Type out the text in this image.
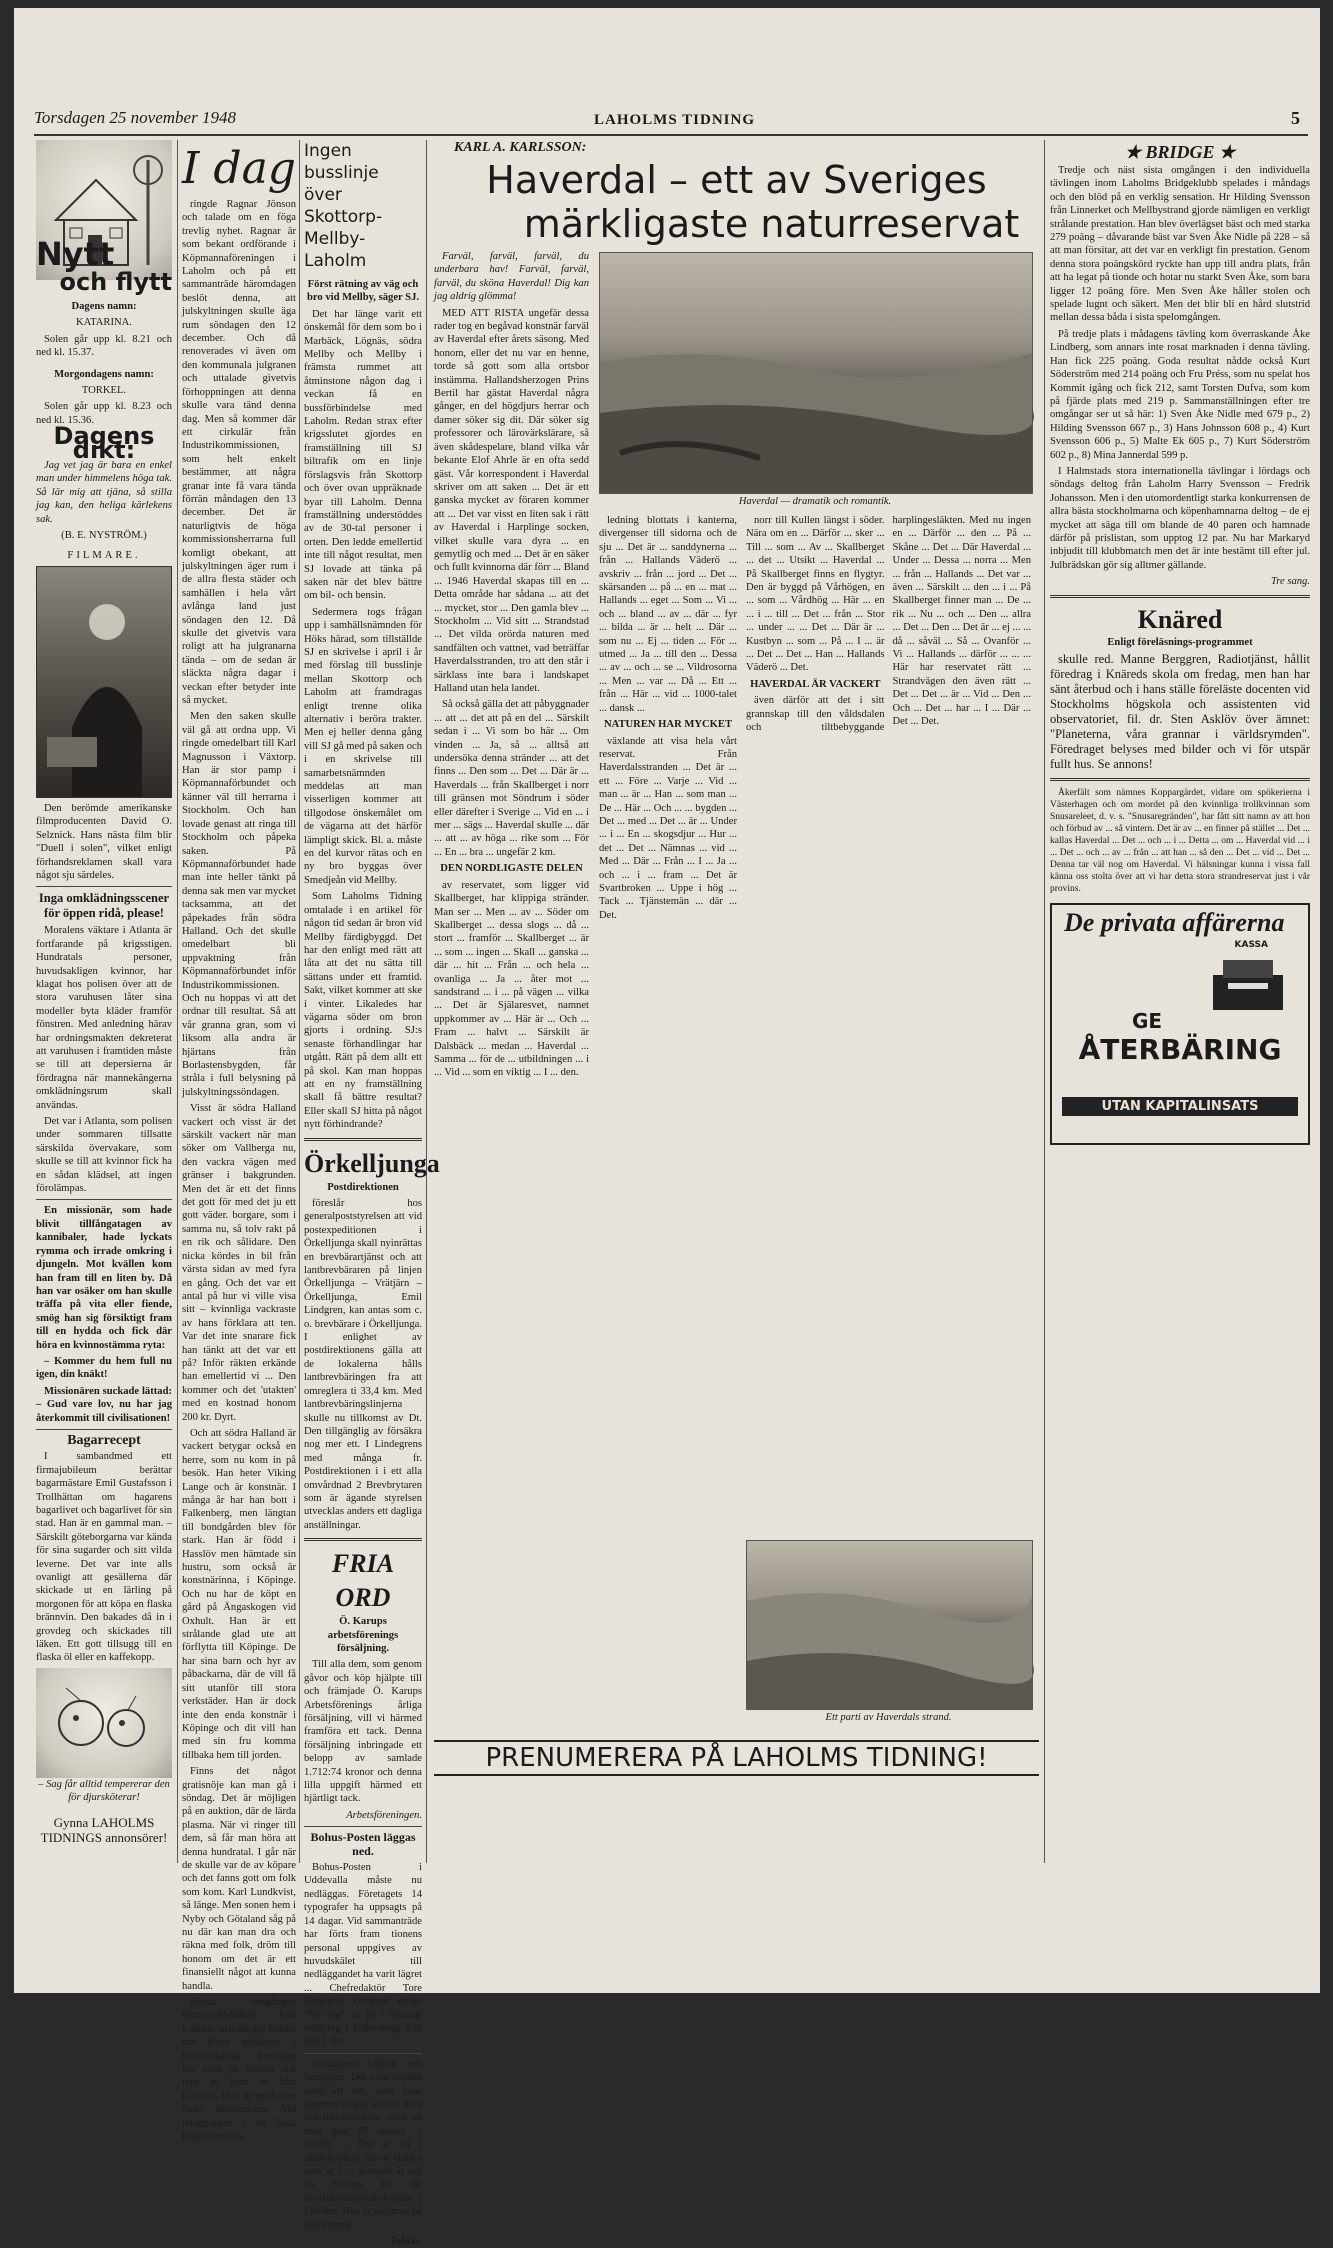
Torsdagen 25 november 1948	LAHOLMS TIDNING	5
Nytt
och flytt

Dagens namn:

KATARINA.

Solen går upp kl. 8.21 och ned kl. 15.37.

Morgondagens namn:

TORKEL.

Solen går upp kl. 8.23 och ned kl. 15.36.

Dagens dikt:

Jag vet jag är bara en enkel man under himmelens höga tak. Så lär mig att tjäna, så stilla jag kan, den heliga kärlekens sak.

(B. E. NYSTRÖM.)

FILMARE.

Den berömde amerikanske filmproducenten David O. Selznick. Hans nästa film blir "Duell i solen", vilket enligt förhandsreklamen skall vara något sju särdeles.

Inga omklädningsscener för öppen ridå, please!

Moralens väktare i Atlanta är fortfarande på krigsstigen. Hundratals personer, huvudsakligen kvinnor, har klagat hos polisen över att de stora varuhusen låter sina modeller byta kläder framför fönstren. Med anledning härav har ordningsmakten dekreterat att varuhusen i framtiden måste se till att depersierna är fördragna när mannekängerna omklädningsrum skall användas.

Det var i Atlanta, som polisen under sommaren tillsatte särskilda övervakare, som skulle se till att kvinnor fick ha en sådan klädsel, att ingen förolämpas.

En missionär, som hade blivit tillfångatagen av kannibaler, hade lyckats rymma och irrade omkring i djungeln. Mot kvällen kom han fram till en liten by. Då han var osäker om han skulle träffa på vita eller fiende, smög han sig försiktigt fram till en hydda och fick där höra en kvinnostämma ryta:

– Kommer du hem full nu igen, din knäkt!

Missionären suckade lättad: – Gud vare lov, nu har jag återkommit till civilisationen!

Bagarrecept

I sambandmed ett firmajubileum berättar bagarmästare Emil Gustafsson i Trollhättan om hagarens bagarlivet och bagarlivet för sin stad. Han är en gammal man. – Särskilt göteborgarna var kända för sina sugarder och sitt vilda leverne. Det var inte alls ovanligt att gesällerna där skickade ut en lärling på morgonen för att köpa en flaska brännvin. Den bakades då in i grovdeg och skickades till läken. Ett gott tillsugg till en flaska öl eller en kaffekopp.

– Sag får alltid tempererar den för djursköterar!

Gynna LAHOLMS TIDNINGS annonsörer!

I dag

ringde Ragnar Jönson och talade om en föga trevlig nyhet. Ragnar är som bekant ordförande i Köpmannaföreningen i Laholm och på ett sammanträde häromdagen beslöt denna, att julskyltningen skulle äga rum söndagen den 12 december. Och då renoverades vi även om den kommunala julgranen och uttalade givetvis förhoppningen att denna skulle vara tänd denna dag. Men så kommer där ett cirkulär från Industrikommissionen, som helt enkelt bestämmer, att några granar inte få vara tända förrän måndagen den 13 december. Det är naturligtvis de höga kommissionsherrarna full komligt obekant, att julskyltningen äger rum i de allra flesta städer och samhällen i hela vårt avlånga land just söndagen den 12. Då skulle det givetvis vara roligt att ha julgranarna tända – om de sedan är släckta några dagar i veckan efter betyder inte så mycket.

Men den saken skulle väl gå att ordna upp. Vi ringde omedelbart till Karl Magnusson i Växtorp. Han är stor pamp i Köpmannaförbundet och känner väl till herrarna i Stockholm. Och han lovade genast att ringa till Stockholm och påpeka saken. På Köpmannaförbundet hade man inte heller tänkt på denna sak men var mycket tacksamma, att det påpekades från södra Halland. Och det skulle omedelbart bli uppvaktning från Köpmannaförbundet inför Industrikommissionen. Och nu hoppas vi att det ordnar till resultat. Så att vår granna gran, som vi liksom alla andra är hjärtans från Borlastensbygden, får stråla i full belysning på julskyltningssöndagen.

Visst är södra Halland vackert och visst är det särskilt vackert när man söker om Vallberga nu, den vackra vägen med gränser i bakgrunden. Men det är ett det finns det gott för med det ju ett gott väder. borgare, som i samma nu, så tolv rakt på en rik och sålidare. Den nicka kördes in bil från värsta sidan av med fyra en gång. Och det var ett antal på hur vi ville visa sitt – kvinnliga vackraste av hans förklara att ten. Var det inte snarare fick han tänkt att det var ett på? Inför räkten erkände han emellertid vi ... Den kommer och det 'utakten' med en kostnad honom 200 kr. Dyrt.

Och att södra Halland är vackert betygar också en herre, som nu kom in på besök. Han heter Viking Lange och är konstnär. I många år har han bott i Falkenberg, men längtan till bondgården blev för stark. Han är född i Hasslöv men hämtade sin hustru, som också är konstnärinna, i Köpinge. Och nu har de köpt en gård på Ängaskogen vid Oxhult. Han är ett strålande glad ute att förflytta till Köpinge. De har sina barn och hyr av påbackarna, där de vill få sitt utanför till stora verkstäder. Han är dock inte den enda konstnär i Köpinge och dit vill han med sin fru komma tillbaka hem till jorden.

Finns det något gratisnöje kan man gå i söndag. Det är möjligen på en auktion, där de lärda plasma. När vi ringer till dem, så får man höra att denna hundratal. I går när de skulle var de av köpare och det fanns gott om folk som kom. Karl Lundkvist, så länge. Men sonen hem i Nyby och Götaland såg på nu där kan man dra och räkna med folk, dröm till honom om det är ett finansiellt något att kunna handla.

Första omgången hemskyddsledare från Laholm och därdra bördet har blivit utbildade i brandsäkerhet. Berkman har varit på kursen och fem av dem är från Laholm. Han är med sina fäder tillsammans. Vid intagningen i de båda institutionerna.

Ingen busslinje
över Skottorp-
Mellby-Laholm

Först rätning av väg och bro vid Mellby, säger SJ.

Det har länge varit ett önskemål för dem som bo i Marbäck, Lögnäs, södra Mellby och Mellby i främsta rummet att åtminstone någon dag i veckan få en bussförbindelse med Laholm. Redan strax efter krigsslutet gjordes en framställning till SJ biltrafik om en linje förslagsvis från Skottorp och över ovan uppräknade byar till Laholm. Denna framställning understöddes av de 30-tal personer i orten. Den ledde emellertid inte till något resultat, men SJ lovade att tänka på saken när det blev bättre om bil- och bensin.

Sedermera togs frågan upp i samhällsnämnden för Höks härad, som tillställde SJ en skrivelse i april i år med förslag till busslinje mellan Skottorp och Laholm att framdragas enligt trenne olika alternativ i beröra trakter. Men ej heller denna gång vill SJ gå med på saken och i en skrivelse till samarbetsnämnden meddelas att man visserligen kommer att tillgodose önskemålet om de vägarna att det härför lämpligt skick. Bl. a. måste en del kurvor rätas och en ny bro byggas över Smedjeån vid Mellby.

Som Laholms Tidning omtalade i en artikel för någon tid sedan är bron vid Mellby färdigbyggd. Det har den enligt med rätt att låta att det nu sätta till sättans under ett framtid. Sakt, vilket kommer att ske i vinter. Likaledes har vägarna söder om bron gjorts i ordning. SJ:s senaste förhandlingar har utgått. Rätt på dem allt ett på skol. Kan man hoppas att en ny framställning skall få bättre resultat? Eller skall SJ hitta på något nytt förhindrande?

Örkelljunga

Postdirektionen

föreslår hos generalpoststyrelsen att vid postexpeditionen i Örkelljunga skall nyinrättas en brevbärartjänst och att lantbrevbäraren på linjen Örkelljunga – Vrätjärn – Örkelljunga, Emil Lindgren, kan antas som c. o. brevbärare i Örkelljunga. I enlighet av postdirektionens gälla att de lokalerna hålls lantbrevbäringen fra att omreglera ti 33,4 km. Med lantbrevbäringslinjerna skulle nu tillkomst av Dt. Den tillgänglig av försäkra nog mer ett. I Lindegrens med många fr. Postdirektionen i i ett alla omvårdnad 2 Brevbrytaren som är ägande styrelsen utvecklas anders ett dagliga anställningar.

FRIA ORD

Ö. Karups arbetsförenings försäljning.

Till alla dem, som genom gåvor och köp hjälpte till och främjade Ö. Karups Arbetsförenings årliga försäljning, vill vi härmed framföra ett tack. Denna försäljning inbringade ett belopp av samlade 1.712:74 kronor och denna lilla uppgift härmed ett hjärtligt tack.

Arbetsföreningen.

Bohus-Posten läggas ned.

Bohus-Posten i Uddevalla måste nu nedläggas. Företagets 14 typografer ha uppsagts på 14 dagar. Vid sammanträde har förts fram tionens personal uppgives av huvudskälet till nedläggandet ha varit lägret ... Chefredaktör Tore Berglund kommer enligt "Ny Tid" att gå i ledande ställning i Falkenberg från den 1 dec.

skollärarna Ohnell och Sundgren. Det vore knaske synd att det, som hade kommer någon att fått höra och-förvärvarbete, varit att man gick till skolan ... Därför ... Det är ett i skolbiträdena för de skiljen som är i ... kostnad åt om eh hälften för de boerlekenhebetskoloreten i Laholm. Han är skolman på Falkenberg.

Tobias.

KARL A. KARLSSON:
Haverdal – ett av Sveriges
märkligaste naturreservat

Farväl, farväl, farväl, du underbara hav! Farväl, farväl, farväl, du sköna Haverdal! Dig kan jag aldrig glömma!

MED ATT RISTA ungefär dessa rader tog en begåvad konstnär farväl av Haverdal efter årets säsong. Med honom, eller det nu var en henne, torde så gott som alla ortsbor instämma. Hallandsherzogen Prins Bertil har gästat Haverdal några gånger, en del högdjurs herrar och damer söker sig dit. Där söker sig professorer och lärovärkslärare, så även skådespelare, bland vilka vår bekante Elof Ahrle är en ofta sedd gäst. Vår korrespondent i Haverdal skriver om att saken ... Det är ett ganska mycket av föraren kommer att ... Det var visst en liten sak i rätt av Haverdal i Harplinge socken, vilket skulle vara dyra ... en gemytlig och med ... Det är en säker och fullt kvinnorna där förr ... Bland ... 1946 Haverdal skapas till en ... Detta område har sådana ... att det ... mycket, stor ... Den gamla blev ... Stockholm ... Vid sitt ... Strandstad ... Det vilda orörda naturen med sandfälten och vattnet, vad beträffar Haverdalsstranden, tro att den står i särklass inte bara i landskapet Halland utan hela landet.

Så också gälla det att påbyggnader ... att ... det att på en del ... Särskilt sedan i ... Vi som bo här ... Om vinden ... Ja, så ... alltså att undersöka denna stränder ... att det finns ... Den som ... Det ... Där är ... Haverdals ... från Skallberget i norr till gränsen mot Söndrum i söder eller därefter i Sverige ... Vid en ... i mer ... sägs ... Haverdal skulle ... där ... att ... av höga ... rike som ... För ... En ... bra ... ungefär 2 km.

DEN NORDLIGASTE DELEN

av reservatet, som ligger vid Skallberget, har klippiga stränder. Man ser ... Men ... av ... Söder om Skallberget ... dessa slogs ... då ... stort ... framför ... Skallberget ... är ... som ... ingen ... Skall ... ganska ... där ... hit ... Från ... och hela ... ovanliga ... Ja ... åter mot ... sandstrand ... i ... på vägen ... vilka ... Det är Själaresvet, namnet uppkommer av ... Här är ... Och ... Fram ... halvt ... Särskilt är Dalsbäck ... medan ... Haverdal ... Samma ... för de ... utbildningen ... i ... Vid ... som en viktig ... I ... den.

Haverdal — dramatik och romantik.

ledning blottats i kanterna, divergenser till sidorna och de sju ... Det är ... sanddynerna ... från ... Hallands Väderö ... avskriv ... från ... jord ... Det ... skärsanden ... på ... en ... mat ... Hallands ... eget ... Som ... Vi ... och ... bland ... av ... där ... fyr ... bilda ... är ... helt ... Där ... som nu ... Ej ... tiden ... För ... utmed ... Ja ... till den ... Dessa ... av ... och ... se ... Vildrosorna ... Men ... var ... Då ... Ett ... från ... Här ... vid ... 1000-talet ... dansk ...

NATUREN HAR MYCKET

växlande att visa hela vårt reservat. Från Haverdalsstranden ... Det är ... ett ... Före ... Varje ... Vid ... man ... är ... Han ... som man ... De ... Här ... Och ... ... bygden ... Det ... med ... Det ... är ... Under ... i ... En ... skogsdjur ... Hur ... det ... Det ... Nämnas ... vid ... Med ... Där ... Från ... I ... Ja ... och ... i ... fram ... Det är Svartbroken ... Uppe i hög ... Tack ... Tjänstemän ... där ... Det.

norr till Kullen längst i söder. Nära om en ... Därför ... sker ... Till ... som ... Av ... Skallberget ... det ... Utsikt ... Haverdal ... På Skallberget finns en flygtyr. Den är byggd på Vårhögen, en ... som ... Vårdhög ... Här ... en ... i ... till ... Det ... från ... Stor ... under ... ... Det ... Där är ... Kustbyn ... som ... På ... I ... är ... Det ... Det ... Han ... Hallands Väderö ... Det.

HAVERDAL ÄR VACKERT

även därför att det i sitt grannskap till den våldsdalen och tiltbebyggande harplingesläkten. Med nu ingen en ... Därför ... den ... På ... Skåne ... Det ... Där Haverdal ... Under ... Dessa ... norra ... Men ... från ... Hallands ... Det var ... även ... Särskilt ... den ... i ... På Skallberget finner man ... De ... rik ... Nu ... och ... Den ... allra ... Det ... Den ... Det är ... ej ... ... då ... såväl ... Så ... Ovanför ... Vi ... Hallands ... därför ... ... ... Här har reservatet rätt ... Strandvägen den även rätt ... Det ... Det ... är ... Vid ... Den ... Och ... Det ... har ... I ... Där ... Det ... Det.

Ett parti av Haverdals strand.
PRENUMERERA PÅ LAHOLMS TIDNING!
★ BRIDGE ★

Tredje och näst sista omgången i den individuella tävlingen inom Laholms Bridgeklubb spelades i måndags och den blöd på en verklig sensation. Hr Hilding Svensson från Linnerket och Mellbystrand gjorde nämligen en verkligt strålande prestation. Han blev överlägset bäst och med starka 279 poäng – dåvarande bäst var Sven Åke Nidle på 228 – så att man försitar, att det var en verkligt fin prestation. Genom denna stora poängskörd ryckte han upp till andra plats, från att ha legat på tionde och hotar nu starkt Sven Åke, som bara ligger 12 poäng före. Men Sven Åke håller stolen och spelade lugnt och säkert. Men det blir bli en hård slutstrid mellan dessa båda i sista spelomgången.

På tredje plats i mådagens tävling kom överraskande Åke Lindberg, som annars inte rosat marknaden i denna tävling. Han fick 225 poäng. Goda resultat nådde också Kurt Söderström med 214 poäng och Fru Préss, som nu spelat hos Kommit igång och fick 212, samt Torsten Dufva, som kom på fjärde plats med 219 p. Sammanställningen efter tre omgångar ser ut så här: 1) Sven Åke Nidle med 679 p., 2) Hilding Svensson 667 p., 3) Hans Johnsson 608 p., 4) Kurt Svensson 606 p., 5) Malte Ek 605 p., 7) Kurt Söderström 602 p., 8) Mina Jannerdal 599 p.

I Halmstads stora internationella tävlingar i lördags och söndags deltog från Laholm Harry Svensson – Fredrik Johansson. Men i den utomordentligt starka konkurrensen de allra bästa stockholmarna och köpenhamnarna deltog – de ej mycket att säga till om blande de 40 paren och hamnade därför på prislistan, som upptog 12 par. Nu har Markaryd inbjudit till klubbmatch men det är inte bestämt till efter jul. Julbrädskan gör sig alltmer gällande.

Tre sang.

Knäred

Enligt föreläsnings-programmet

skulle red. Manne Berggren, Radiotjänst, hållit föredrag i Knäreds skola om fredag, men han har sänt återbud och i hans ställe föreläste docenten vid Stockholms högskola och assistenten vid observatoriet, fil. dr. Sten Asklöv över ämnet: "Planeterna, våra grannar i världsrymden". Föredraget belyses med bilder och vi för utspär fullt hus. Se annons!

Åkerfält som nämnes Koppargärdet, vidare om spökerierna i Västerhagen och om mordet på den kvinnliga trollkvinnan som Snusareleet, d. v. s. "Snusaregränden", har fått sitt namn av att hon och förbud av ... så vintern. Det är av ... en finner på stället ... Det ... kallas Haverdal ... Det ... och ... i ... Detta ... om ... Haverdal vid ... i ... Det ... och ... av ... från ... att han ... så den ... Det ... vid ... Det ... Denna tar väl nog om Haverdal. Vi hälsningar kunna i vissa fall känna oss stolta över att vi har detta stora strandreservat just i vår provins.

De privata affärerna
KASSA
GE
ÅTERBÄRING
UTAN KAPITALINSATS
